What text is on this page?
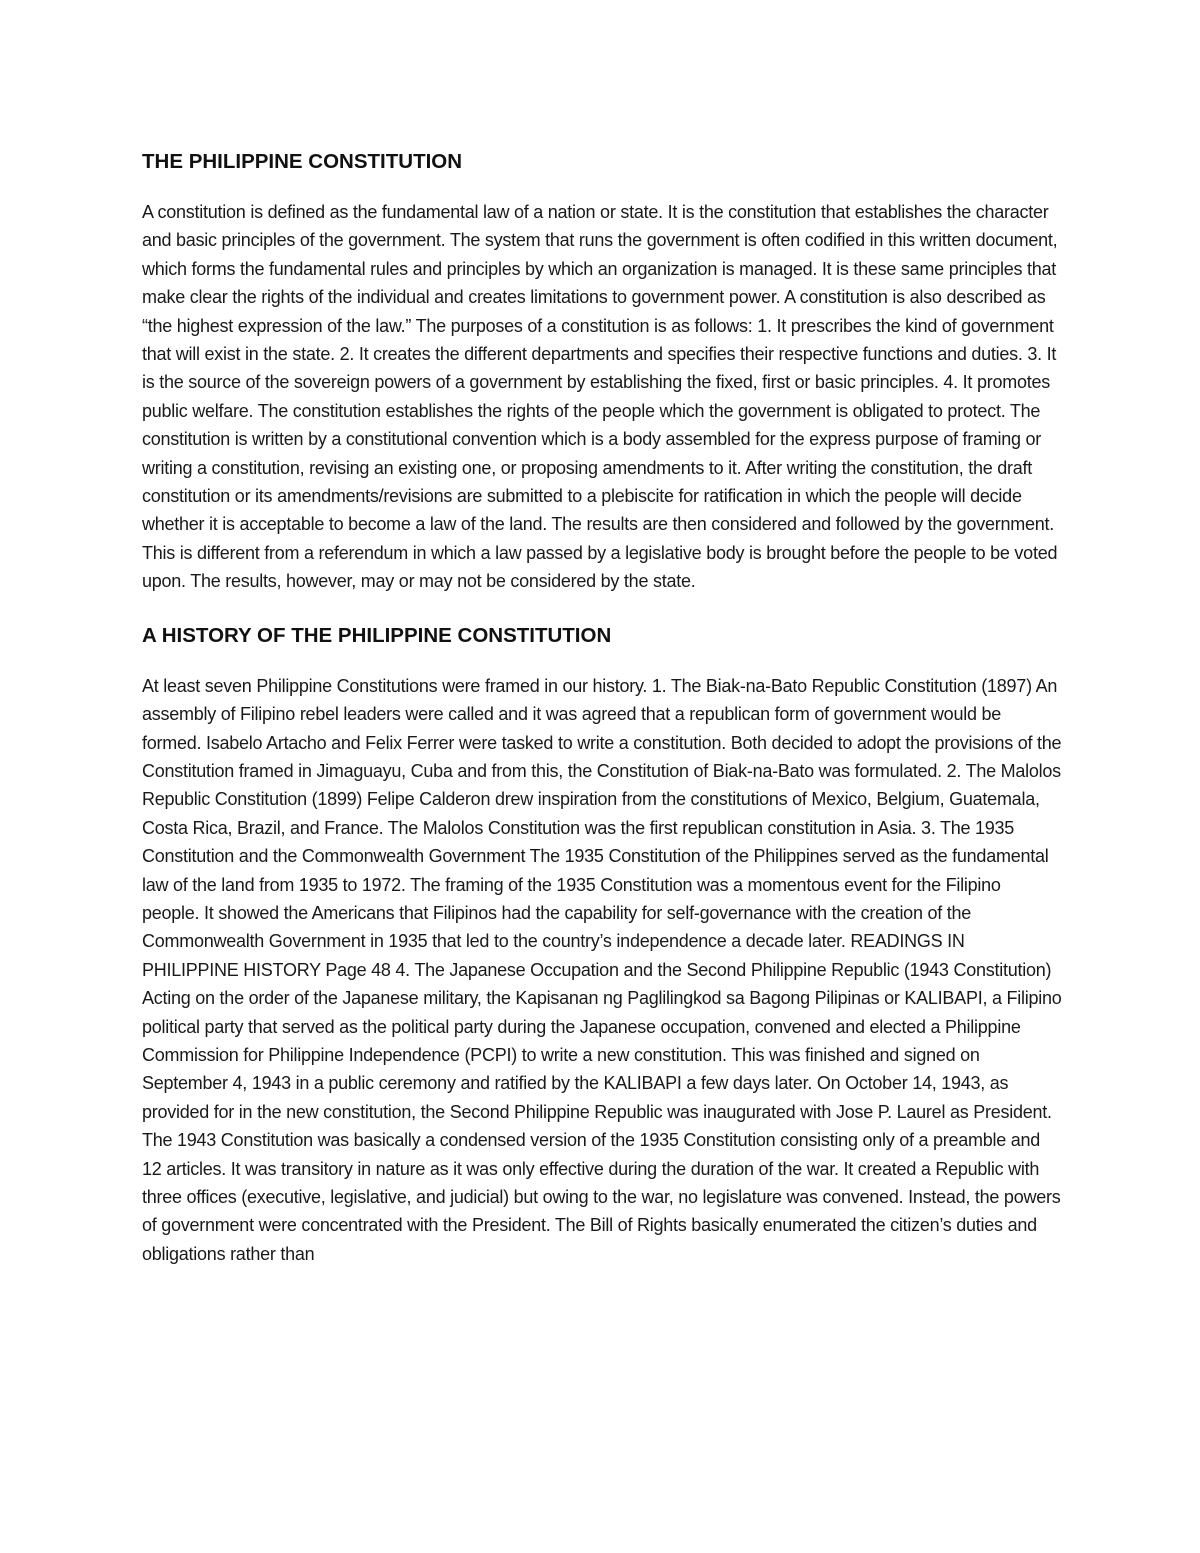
THE PHILIPPINE CONSTITUTION

A constitution is defined as the fundamental law of a nation or state. It is the constitution that establishes the character and basic principles of the government. The system that runs the government is often codified in this written document, which forms the fundamental rules and principles by which an organization is managed. It is these same principles that make clear the rights of the individual and creates limitations to government power. A constitution is also described as “the highest expression of the law.” The purposes of a constitution is as follows: 1. It prescribes the kind of government that will exist in the state. 2. It creates the different departments and specifies their respective functions and duties. 3. It is the source of the sovereign powers of a government by establishing the fixed, first or basic principles. 4. It promotes public welfare. The constitution establishes the rights of the people which the government is obligated to protect. The constitution is written by a constitutional convention which is a body assembled for the express purpose of framing or writing a constitution, revising an existing one, or proposing amendments to it. After writing the constitution, the draft constitution or its amendments/revisions are submitted to a plebiscite for ratification in which the people will decide whether it is acceptable to become a law of the land. The results are then considered and followed by the government. This is different from a referendum in which a law passed by a legislative body is brought before the people to be voted upon. The results, however, may or may not be considered by the state.

A HISTORY OF THE PHILIPPINE CONSTITUTION

At least seven Philippine Constitutions were framed in our history. 1. The Biak-na-Bato Republic Constitution (1897) An assembly of Filipino rebel leaders were called and it was agreed that a republican form of government would be formed. Isabelo Artacho and Felix Ferrer were tasked to write a constitution. Both decided to adopt the provisions of the Constitution framed in Jimaguayu, Cuba and from this, the Constitution of Biak-na-Bato was formulated. 2. The Malolos Republic Constitution (1899) Felipe Calderon drew inspiration from the constitutions of Mexico, Belgium, Guatemala, Costa Rica, Brazil, and France. The Malolos Constitution was the first republican constitution in Asia. 3. The 1935 Constitution and the Commonwealth Government The 1935 Constitution of the Philippines served as the fundamental law of the land from 1935 to 1972. The framing of the 1935 Constitution was a momentous event for the Filipino people. It showed the Americans that Filipinos had the capability for self-governance with the creation of the Commonwealth Government in 1935 that led to the country’s independence a decade later. READINGS IN PHILIPPINE HISTORY Page 48 4. The Japanese Occupation and the Second Philippine Republic (1943 Constitution) Acting on the order of the Japanese military, the Kapisanan ng Paglilingkod sa Bagong Pilipinas or KALIBAPI, a Filipino political party that served as the political party during the Japanese occupation, convened and elected a Philippine Commission for Philippine Independence (PCPI) to write a new constitution. This was finished and signed on September 4, 1943 in a public ceremony and ratified by the KALIBAPI a few days later. On October 14, 1943, as provided for in the new constitution, the Second Philippine Republic was inaugurated with Jose P. Laurel as President. The 1943 Constitution was basically a condensed version of the 1935 Constitution consisting only of a preamble and 12 articles. It was transitory in nature as it was only effective during the duration of the war. It created a Republic with three offices (executive, legislative, and judicial) but owing to the war, no legislature was convened. Instead, the powers of government were concentrated with the President. The Bill of Rights basically enumerated the citizen’s duties and obligations rather than
